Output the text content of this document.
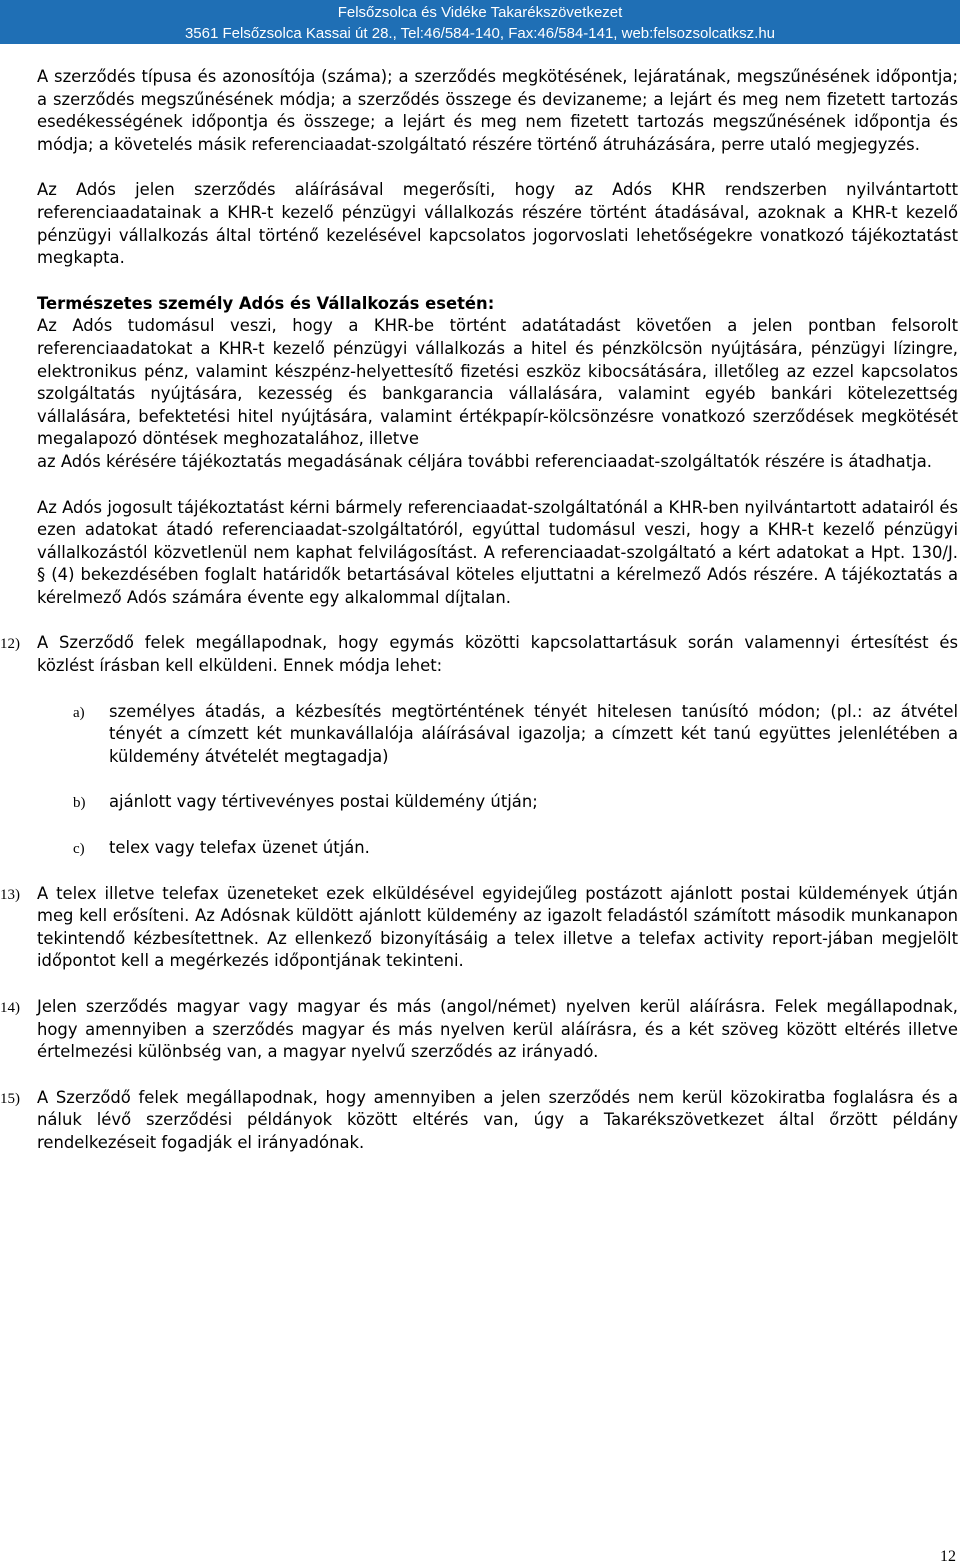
Felsőzsolca és Vidéke Takarékszövetkezet
3561 Felsőzsolca Kassai út 28., Tel:46/584-140, Fax:46/584-141, web:felsozsolcatksz.hu

A szerződés típusa és azonosítója (száma); a szerződés megkötésének, lejáratának, megszűnésének időpontja; a szerződés megszűnésének módja; a szerződés összege és devizaneme; a lejárt és meg nem fizetett tartozás esedékességének időpontja és összege; a lejárt és meg nem fizetett tartozás megszűnésének időpontja és módja; a követelés másik referenciaadat-szolgáltató részére történő átruházására, perre utaló megjegyzés.

Az Adós jelen szerződés aláírásával megerősíti, hogy az Adós KHR rendszerben nyilvántartott referenciaadatainak a KHR-t kezelő pénzügyi vállalkozás részére történt átadásával, azoknak a KHR-t kezelő pénzügyi vállalkozás által történő kezelésével kapcsolatos jogorvoslati lehetőségekre vonatkozó tájékoztatást megkapta.

Természetes személy Adós és Vállalkozás esetén:

Az Adós tudomásul veszi, hogy a KHR-be történt adatátadást követően a jelen pontban felsorolt referenciaadatokat a KHR-t kezelő pénzügyi vállalkozás a hitel és pénzkölcsön nyújtására, pénzügyi lízingre, elektronikus pénz, valamint készpénz-helyettesítő fizetési eszköz kibocsátására, illetőleg az ezzel kapcsolatos szolgáltatás nyújtására, kezesség és bankgarancia vállalására, valamint egyéb bankári kötelezettség vállalására, befektetési hitel nyújtására, valamint értékpapír-kölcsönzésre vonatkozó szerződések megkötését megalapozó döntések meghozatalához, illetve

az Adós kérésére tájékoztatás megadásának céljára további referenciaadat-szolgáltatók részére is átadhatja.

Az Adós jogosult tájékoztatást kérni bármely referenciaadat-szolgáltatónál a KHR-ben nyilvántartott adatairól és ezen adatokat átadó referenciaadat-szolgáltatóról, egyúttal tudomásul veszi, hogy a KHR-t kezelő pénzügyi vállalkozástól közvetlenül nem kaphat felvilágosítást. A referenciaadat-szolgáltató a kért adatokat a Hpt. 130/J. § (4) bekezdésében foglalt határidők betartásával köteles eljuttatni a kérelmező Adós részére. A tájékoztatás a kérelmező Adós számára évente egy alkalommal díjtalan.

12)	A Szerződő felek megállapodnak, hogy egymás közötti kapcsolattartásuk során valamennyi értesítést és közlést írásban kell elküldeni. Ennek módja lehet:

a) személyes átadás, a kézbesítés megtörténtének tényét hitelesen tanúsító módon; (pl.: az átvétel tényét a címzett két munkavállalója aláírásával igazolja; a címzett két tanú együttes jelenlétében a küldemény átvételét megtagadja)

b) ajánlott vagy tértivevényes postai küldemény útján;

c) telex vagy telefax üzenet útján.

13)	A telex illetve telefax üzeneteket ezek elküldésével egyidejűleg postázott ajánlott postai küldemények útján meg kell erősíteni. Az Adósnak küldött ajánlott küldemény az igazolt feladástól számított második munkanapon tekintendő kézbesítettnek. Az ellenkező bizonyításáig a telex illetve a telefax activity report-jában megjelölt időpontot kell a megérkezés időpontjának tekinteni.

14)	Jelen szerződés magyar vagy magyar és más (angol/német) nyelven kerül aláírásra. Felek megállapodnak, hogy amennyiben a szerződés magyar és más nyelven kerül aláírásra, és a két szöveg között eltérés illetve értelmezési különbség van, a magyar nyelvű szerződés az irányadó.

15)	A Szerződő felek megállapodnak, hogy amennyiben a jelen szerződés nem kerül közokiratba foglalásra és a náluk lévő szerződési példányok között eltérés van, úgy a Takarékszövetkezet által őrzött példány rendelkezéseit fogadják el irányadónak.

12
